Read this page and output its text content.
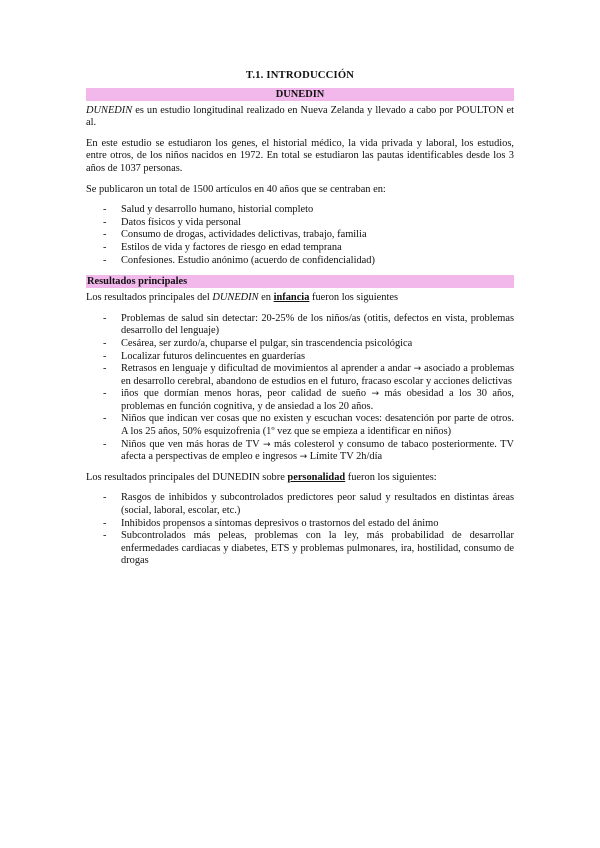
T.1. INTRODUCCIÓN
DUNEDIN

DUNEDIN es un estudio longitudinal realizado en Nueva Zelanda y llevado a cabo por POULTON et al.

En este estudio se estudiaron los genes, el historial médico, la vida privada y laboral, los estudios, entre otros, de los niños nacidos en 1972. En total se estudiaron las pautas identificables desde los 3 años de 1037 personas.

Se publicaron un total de 1500 artículos en 40 años que se centraban en:

- Salud y desarrollo humano, historial completo
- Datos físicos y vida personal
- Consumo de drogas, actividades delictivas, trabajo, familia
- Estilos de vida y factores de riesgo en edad temprana
- Confesiones. Estudio anónimo (acuerdo de confidencialidad)
Resultados principales

Los resultados principales del DUNEDIN en infancia fueron los siguientes

- Problemas de salud sin detectar: 20-25% de los niños/as (otitis, defectos en vista, problemas desarrollo del lenguaje)
- Cesárea, ser zurdo/a, chuparse el pulgar, sin trascendencia psicológica
- Localizar futuros delincuentes en guarderías
- Retrasos en lenguaje y dificultad de movimientos al aprender a andar → asociado a problemas en desarrollo cerebral, abandono de estudios en el futuro, fracaso escolar y acciones delictivas
- iños que dormían menos horas, peor calidad de sueño → más obesidad a los 30 años, problemas en función cognitiva, y de ansiedad a los 20 años.
- Niños que indican ver cosas que no existen y escuchan voces: desatención por parte de otros. A los 25 años, 50% esquizofrenia (1º vez que se empieza a identificar en niños)
- Niños que ven más horas de TV → más colesterol y consumo de tabaco posteriormente. TV afecta a perspectivas de empleo e ingresos → Límite TV 2h/día

Los resultados principales del DUNEDIN sobre personalidad fueron los siguientes:

- Rasgos de inhibidos y subcontrolados predictores peor salud y resultados en distintas áreas (social, laboral, escolar, etc.)
- Inhibidos propensos a síntomas depresivos o trastornos del estado del ánimo
- Subcontrolados más peleas, problemas con la ley, más probabilidad de desarrollar enfermedades cardiacas y diabetes, ETS y problemas pulmonares, ira, hostilidad, consumo de drogas
